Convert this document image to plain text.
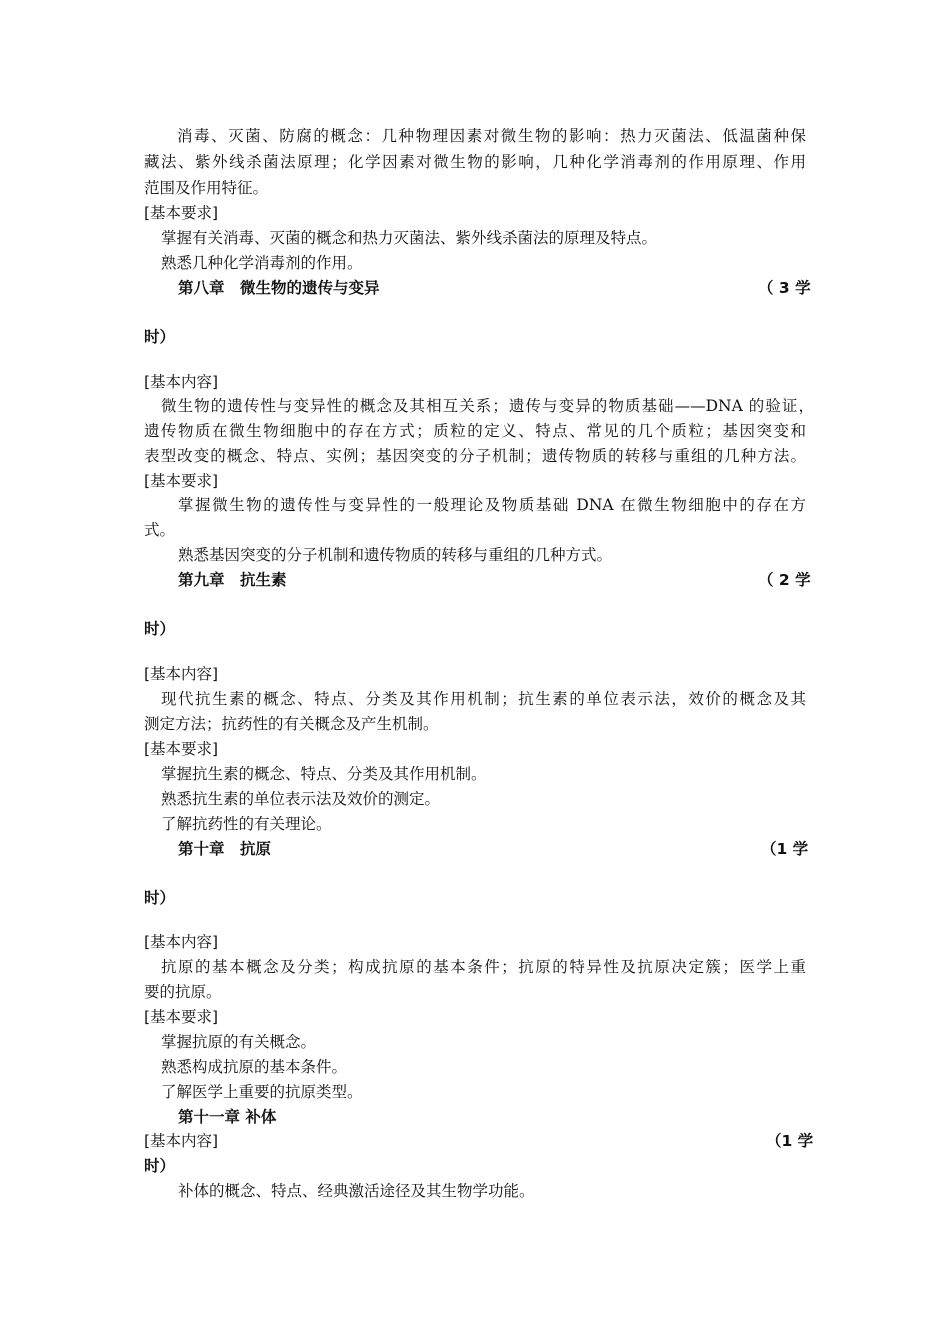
消毒、灭菌、防腐的概念：几种物理因素对微生物的影响：热力灭菌法、低温菌种保
藏法、紫外线杀菌法原理；化学因素对微生物的影响，几种化学消毒剂的作用原理、作用
范围及作用特征。
[基本要求]
掌握有关消毒、灭菌的概念和热力灭菌法、紫外线杀菌法的原理及特点。
熟悉几种化学消毒剂的作用。
第八章　微生物的遗传与变异	（ 3 学
时）
[基本内容]
微生物的遗传性与变异性的概念及其相互关系；遗传与变异的物质基础——DNA 的验证，
遗传物质在微生物细胞中的存在方式；质粒的定义、特点、常见的几个质粒；基因突变和
表型改变的概念、特点、实例；基因突变的分子机制；遗传物质的转移与重组的几种方法。
[基本要求]
掌握微生物的遗传性与变异性的一般理论及物质基础 DNA 在微生物细胞中的存在方
式。
熟悉基因突变的分子机制和遗传物质的转移与重组的几种方式。
第九章　抗生素	（ 2 学
时）
[基本内容]
现代抗生素的概念、特点、分类及其作用机制；抗生素的单位表示法，效价的概念及其
测定方法；抗药性的有关概念及产生机制。
[基本要求]
掌握抗生素的概念、特点、分类及其作用机制。
熟悉抗生素的单位表示法及效价的测定。
了解抗药性的有关理论。
第十章　抗原	（1 学
时）
[基本内容]
抗原的基本概念及分类；构成抗原的基本条件；抗原的特异性及抗原决定簇；医学上重
要的抗原。
[基本要求]
掌握抗原的有关概念。
熟悉构成抗原的基本条件。
了解医学上重要的抗原类型。
第十一章 补体
[基本内容]	（1 学
时）
补体的概念、特点、经典激活途径及其生物学功能。
